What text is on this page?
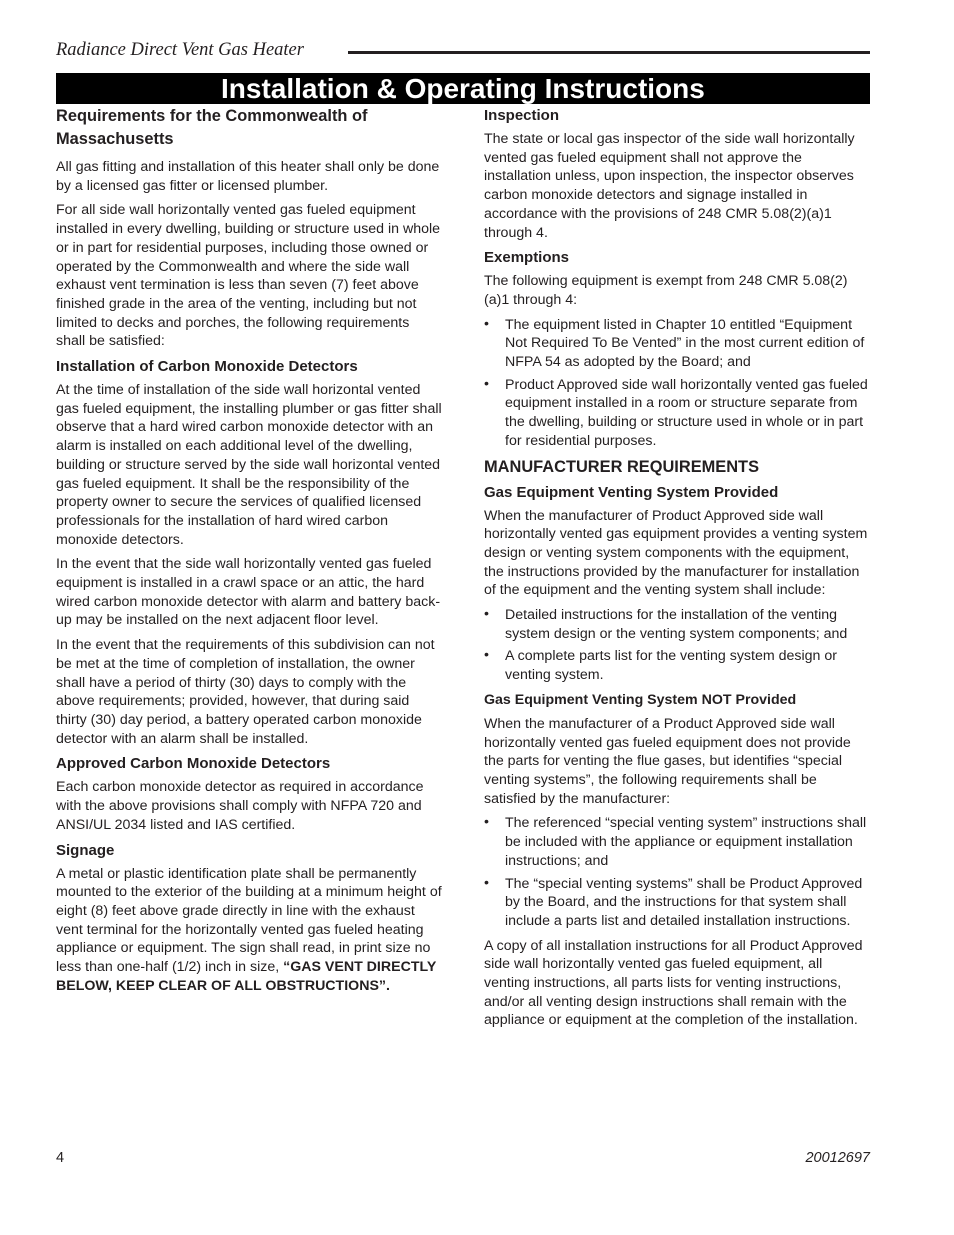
Radiance Direct Vent Gas Heater
Installation & Operating Instructions
Requirements for the Commonwealth of Massachusetts

All gas fitting and installation of this heater shall only be done by a licensed gas fitter or licensed plumber.

For all side wall horizontally vented gas fueled equipment installed in every dwelling, building or structure used in whole or in part for residential purposes, including those owned or operated by the Commonwealth and where the side wall exhaust vent termination is less than seven (7) feet above finished grade in the area of the venting, including but not limited to decks and porches, the following requirements shall be satisfied:

Installation of Carbon Monoxide Detectors

At the time of installation of the side wall horizontal vented gas fueled equipment, the installing plumber or gas fitter shall observe that a hard wired carbon monoxide detector with an alarm is installed on each additional level of the dwelling, building or structure served by the side wall horizontal vented gas fueled equipment. It shall be the responsibility of the property owner to secure the services of qualified licensed professionals for the installation of hard wired carbon monoxide detectors.

In the event that the side wall horizontally vented gas fueled equipment is installed in a crawl space or an attic, the hard wired carbon monoxide detector with alarm and battery back-up may be installed on the next adjacent floor level.

In the event that the requirements of this subdivision can not be met at the time of completion of installation, the owner shall have a period of thirty (30) days to comply with the above requirements; provided, however, that during said thirty (30) day period, a battery operated carbon monoxide detector with an alarm shall be installed.

Approved Carbon Monoxide Detectors

Each carbon monoxide detector as required in accordance with the above provisions shall comply with NFPA 720 and ANSI/UL 2034 listed and IAS certified.

Signage

A metal or plastic identification plate shall be permanently mounted to the exterior of the building at a minimum height of eight (8) feet above grade directly in line with the exhaust vent terminal for the horizontally vented gas fueled heating appliance or equipment. The sign shall read, in print size no less than one-half (1/2) inch in size, “GAS VENT DIRECTLY BELOW, KEEP CLEAR OF ALL OBSTRUCTIONS”.

Inspection

The state or local gas inspector of the side wall horizontally vented gas fueled equipment shall not approve the installation unless, upon inspection, the inspector observes carbon monoxide detectors and signage installed in accordance with the provisions of 248 CMR 5.08(2)(a)1 through 4.

Exemptions

The following equipment is exempt from 248 CMR 5.08(2)(a)1 through 4:

• The equipment listed in Chapter 10 entitled “Equipment Not Required To Be Vented” in the most current edition of NFPA 54 as adopted by the Board; and
• Product Approved side wall horizontally vented gas fueled equipment installed in a room or structure separate from the dwelling, building or structure used in whole or in part for residential purposes.
MANUFACTURER REQUIREMENTS
Gas Equipment Venting System Provided

When the manufacturer of Product Approved side wall horizontally vented gas equipment provides a venting system design or venting system components with the equipment, the instructions provided by the manufacturer for installation of the equipment and the venting system shall include:

• Detailed instructions for the installation of the venting system design or the venting system components; and
• A complete parts list for the venting system design or venting system.
Gas Equipment Venting System NOT Provided

When the manufacturer of a Product Approved side wall horizontally vented gas fueled equipment does not provide the parts for venting the flue gases, but identifies “special venting systems”, the following requirements shall be satisfied by the manufacturer:

• The referenced “special venting system” instructions shall be included with the appliance or equipment installation instructions; and
• The “special venting systems” shall be Product Approved by the Board, and the instructions for that system shall include a parts list and detailed installation instructions.

A copy of all installation instructions for all Product Approved side wall horizontally vented gas fueled equipment, all venting instructions, all parts lists for venting instructions, and/or all venting design instructions shall remain with the appliance or equipment at the completion of the installation.

4	20012697
